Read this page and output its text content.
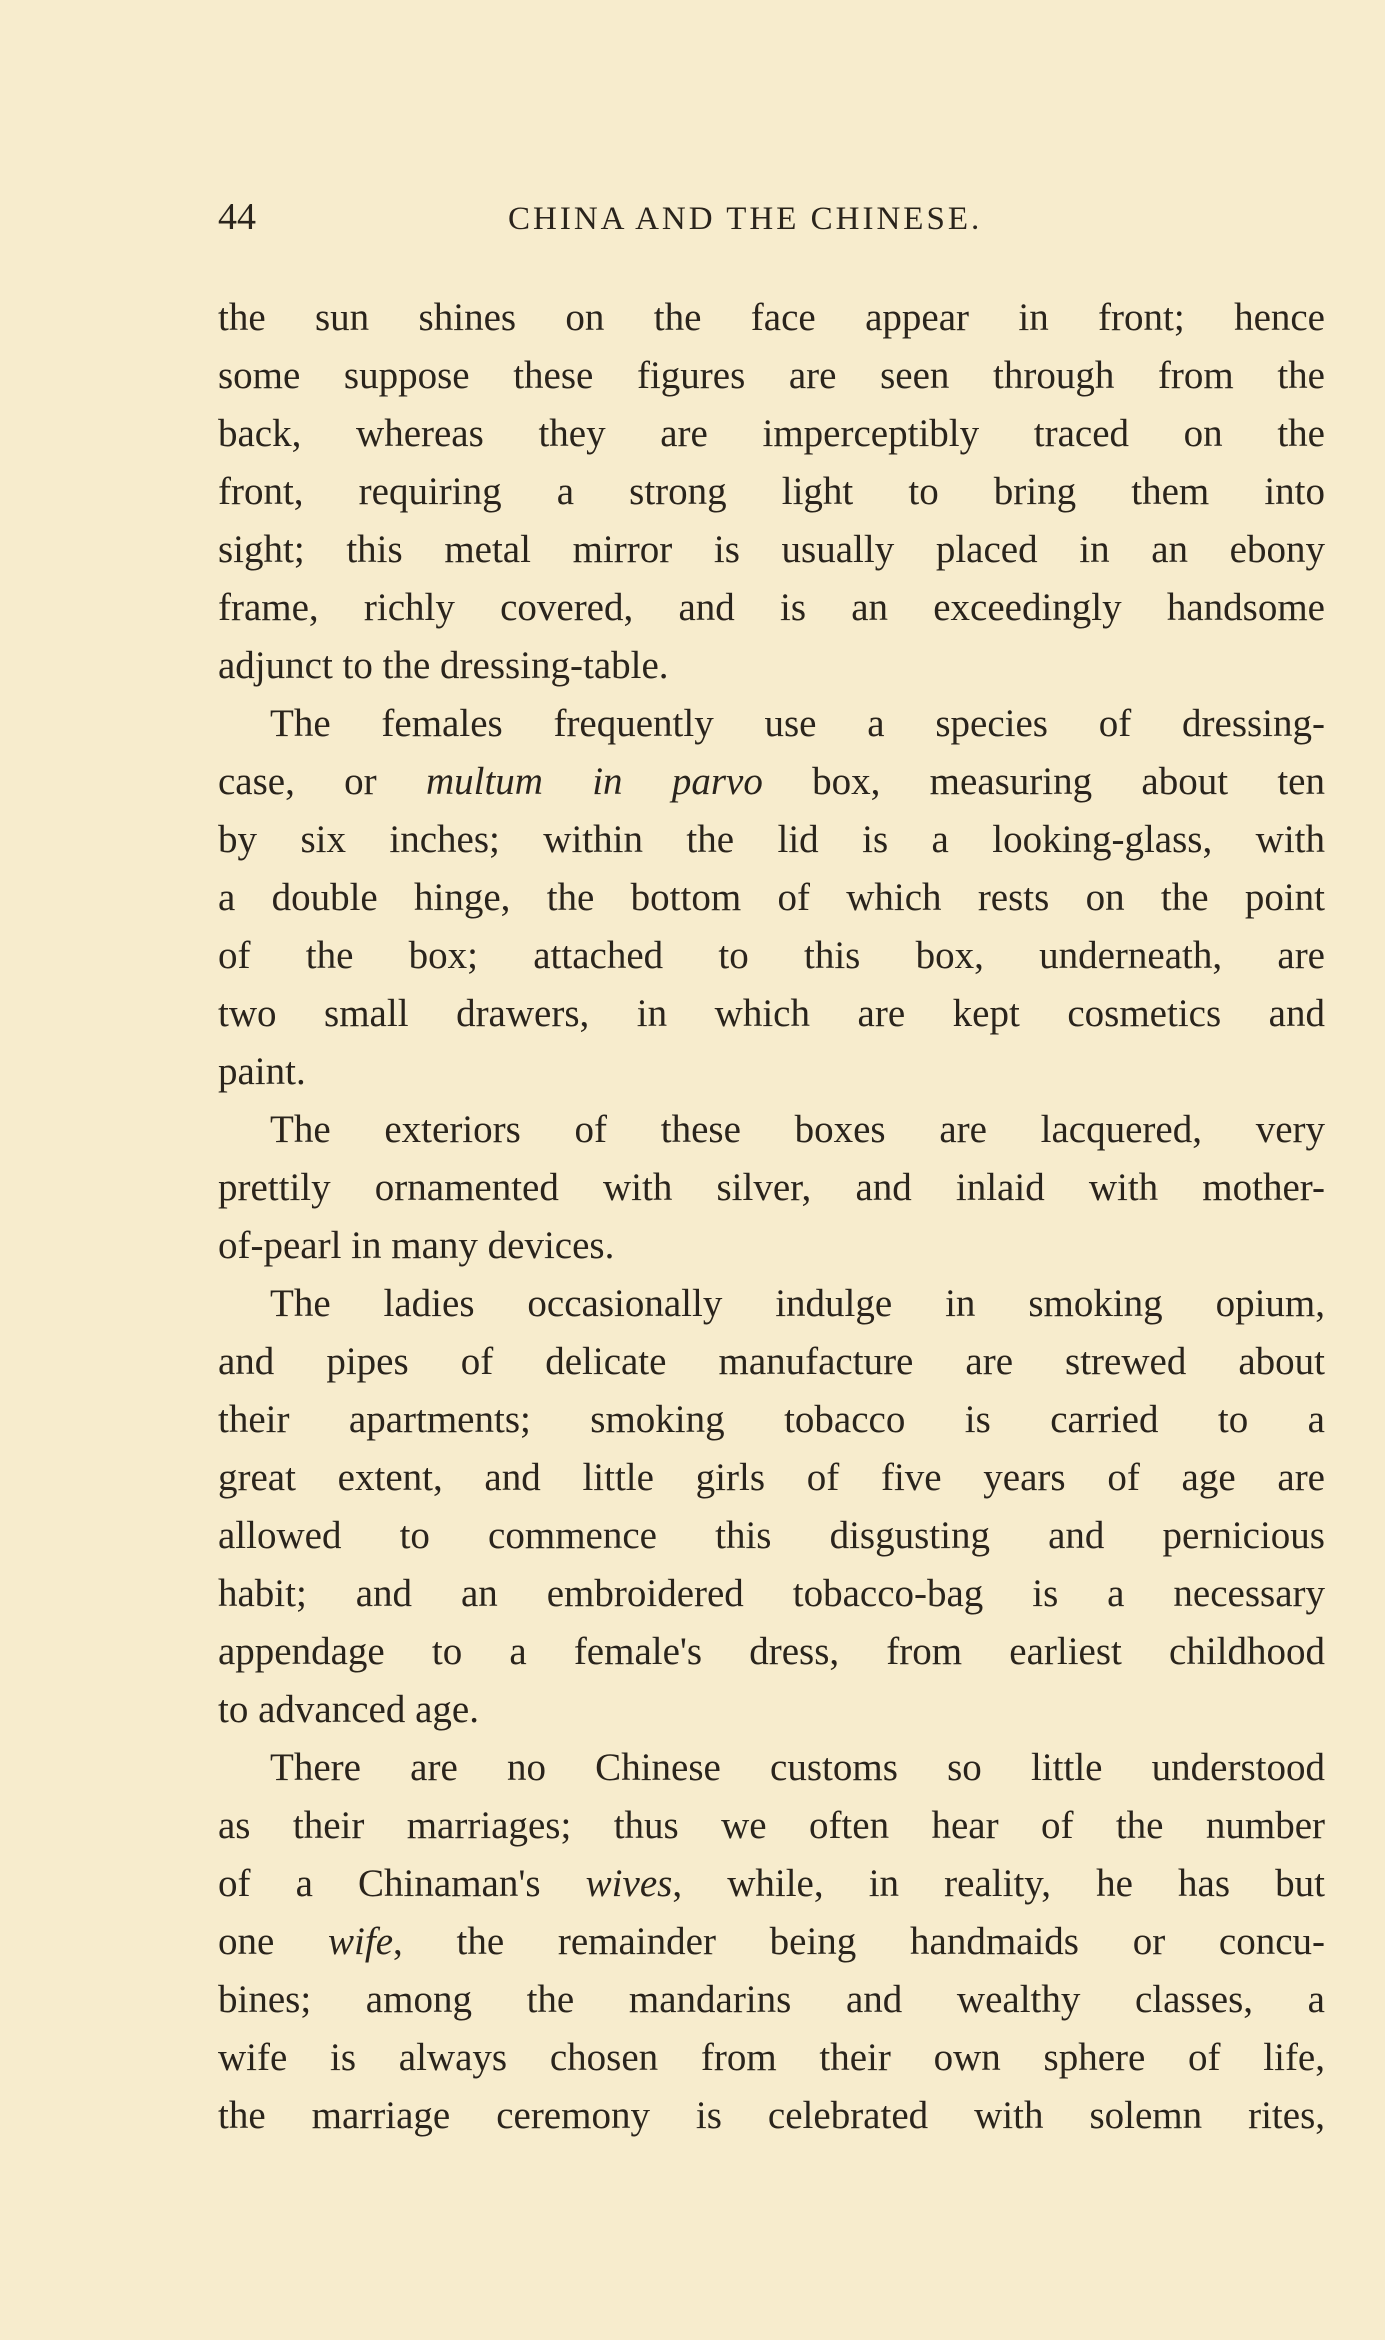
44	CHINA AND THE CHINESE.
the sun shines on the face appear in front; hence
some suppose these figures are seen through from the
back, whereas they are imperceptibly traced on the
front, requiring a strong light to bring them into
sight; this metal mirror is usually placed in an ebony
frame, richly covered, and is an exceedingly handsome
adjunct to the dressing-table.
The females frequently use a species of dressing-
case, or multum in parvo box, measuring about ten
by six inches; within the lid is a looking-glass, with
a double hinge, the bottom of which rests on the point
of the box; attached to this box, underneath, are
two small drawers, in which are kept cosmetics and
paint.
The exteriors of these boxes are lacquered, very
prettily ornamented with silver, and inlaid with mother-
of-pearl in many devices.
The ladies occasionally indulge in smoking opium,
and pipes of delicate manufacture are strewed about
their apartments; smoking tobacco is carried to a
great extent, and little girls of five years of age are
allowed to commence this disgusting and pernicious
habit; and an embroidered tobacco-bag is a necessary
appendage to a female's dress, from earliest childhood
to advanced age.
There are no Chinese customs so little understood
as their marriages; thus we often hear of the number
of a Chinaman's wives, while, in reality, he has but
one wife, the remainder being handmaids or concu-
bines; among the mandarins and wealthy classes, a
wife is always chosen from their own sphere of life,
the marriage ceremony is celebrated with solemn rites,
